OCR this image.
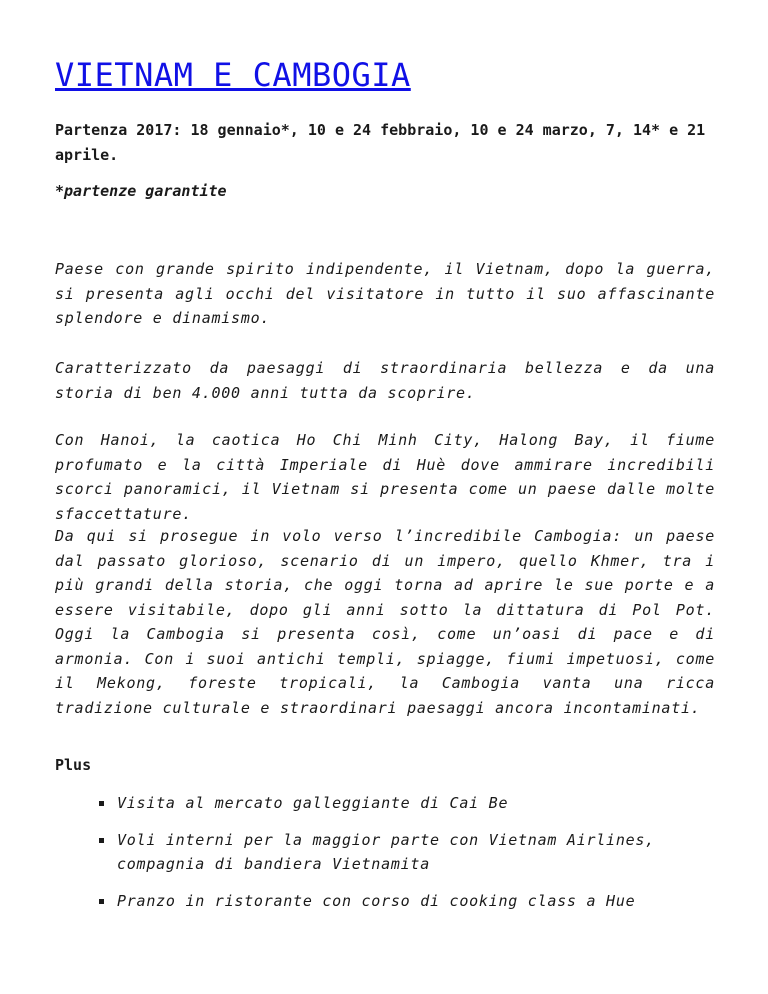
VIETNAM E CAMBOGIA

Partenza 2017: 18 gennaio*, 10 e 24 febbraio, 10 e 24 marzo, 7, 14* e 21 aprile.

*partenze garantite

Paese con grande spirito indipendente, il Vietnam, dopo la guerra, si presenta agli occhi del visitatore in tutto il suo affascinante splendore e dinamismo.

Caratterizzato da paesaggi di straordinaria bellezza e da una storia di ben 4.000 anni tutta da scoprire.

Con Hanoi, la caotica Ho Chi Minh City, Halong Bay, il fiume profumato e la città Imperiale di Huè dove ammirare incredibili scorci panoramici, il Vietnam si presenta come un paese dalle molte sfaccettature.

Da qui si prosegue in volo verso l’incredibile Cambogia: un paese dal passato glorioso, scenario di un impero, quello Khmer, tra i più grandi della storia, che oggi torna ad aprire le sue porte e a essere visitabile, dopo gli anni sotto la dittatura di Pol Pot. Oggi la Cambogia si presenta così, come un’oasi di pace e di armonia. Con i suoi antichi templi, spiagge, fiumi impetuosi, come il Mekong, foreste tropicali, la Cambogia vanta una ricca tradizione culturale e straordinari paesaggi ancora incontaminati.

Plus

Visita al mercato galleggiante di Cai Be
Voli interni per la maggior parte con Vietnam Airlines, compagnia di bandiera Vietnamita
Pranzo in ristorante con corso di cooking class a Hue
